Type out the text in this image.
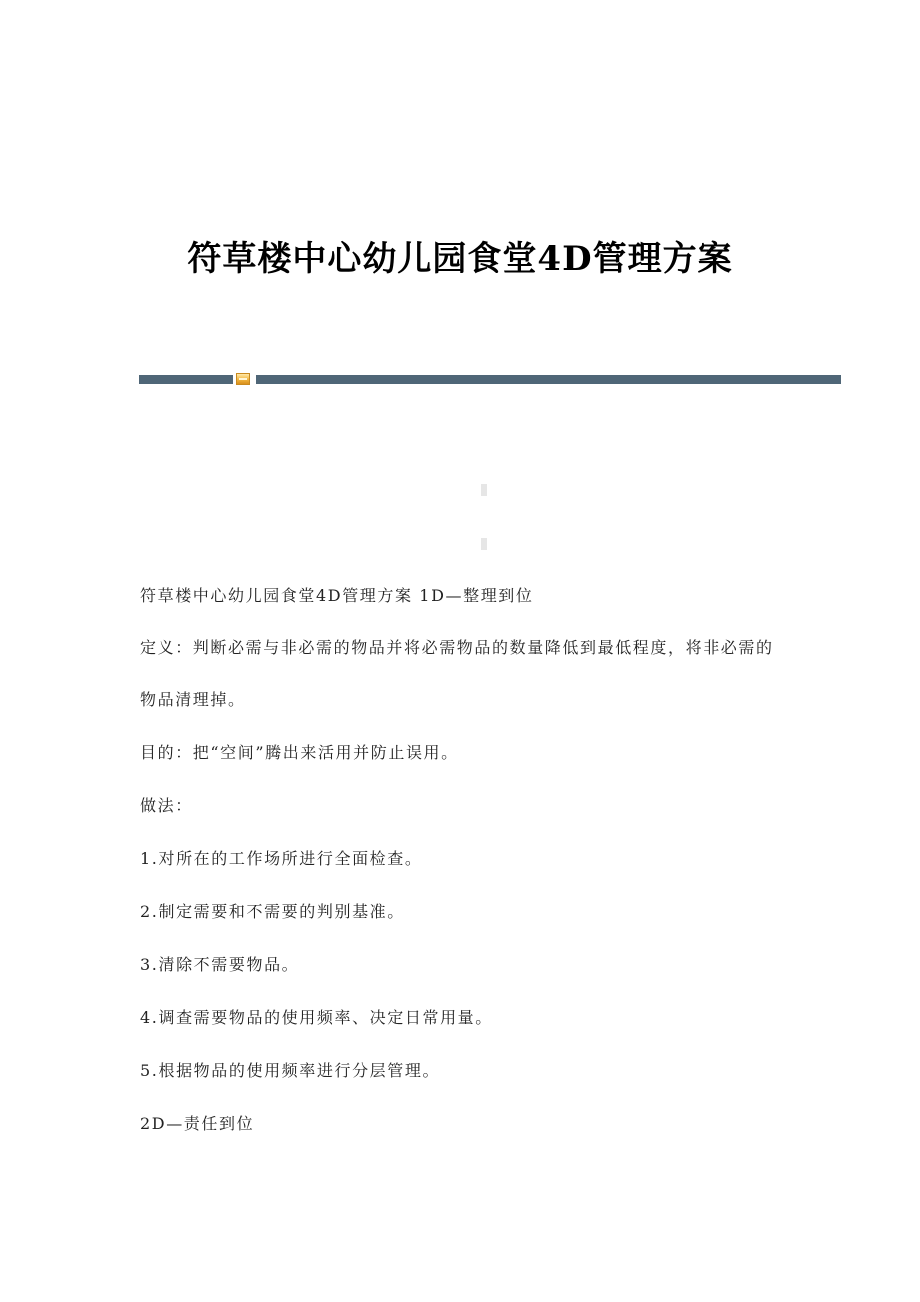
符草楼中心幼儿园食堂4D管理方案

符草楼中心幼儿园食堂4D管理方案 1D—整理到位

定义：判断必需与非必需的物品并将必需物品的数量降低到最低程度，将非必需的物品清理掉。

目的：把“空间”腾出来活用并防止误用。

做法：

1.对所在的工作场所进行全面检查。

2.制定需要和不需要的判别基准。

3.清除不需要物品。

4.调查需要物品的使用频率、决定日常用量。

5.根据物品的使用频率进行分层管理。

2D—责任到位
